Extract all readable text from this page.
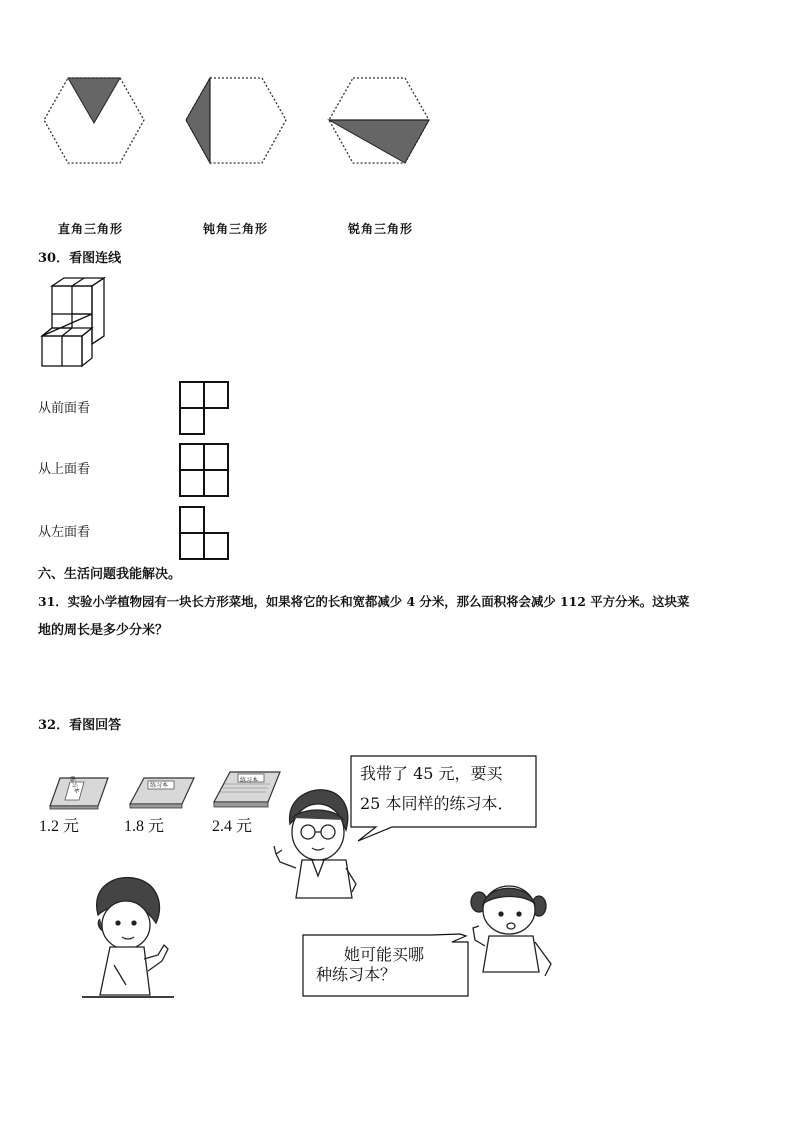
直角三角形	钝角三角形	锐角三角形
30．看图连线
从前面看
从上面看
从左面看
六、生活问题我能解决。
31．实验小学植物园有一块长方形菜地，如果将它的长和宽都减少 4 分米，那么面积将会减少 112 平方分米。这块菜
地的周长是多少分米？
32．看图回答
练习本	练习本
练习本
1.2 元	1.8 元	2.4 元
我带了 45 元，要买
25 本同样的练习本．
她可能买哪
种练习本？
